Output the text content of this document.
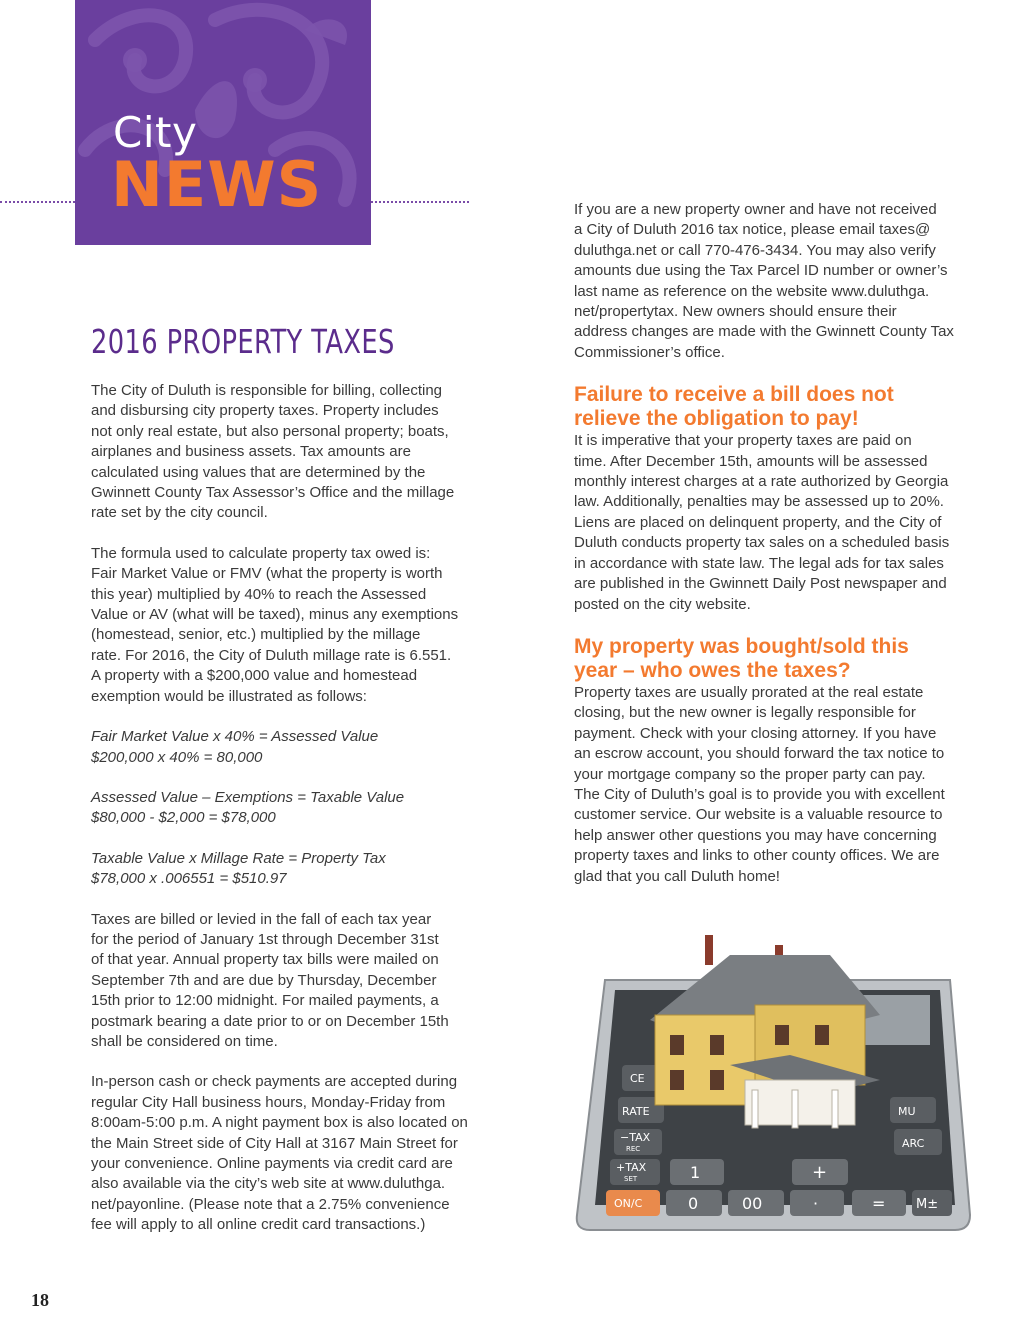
City
NEWS
2016 PROPERTY TAXES

The City of Duluth is responsible for billing, collecting
and disbursing city property taxes. Property includes
not only real estate, but also personal property; boats,
airplanes and business assets. Tax amounts are
calculated using values that are determined by the
Gwinnett County Tax Assessor’s Office and the millage
rate set by the city council.

The formula used to calculate property tax owed is:
Fair Market Value or FMV (what the property is worth
this year) multiplied by 40% to reach the Assessed
Value or AV (what will be taxed), minus any exemptions
(homestead, senior, etc.) multiplied by the millage
rate. For 2016, the City of Duluth millage rate is 6.551.
A property with a $200,000 value and homestead
exemption would be illustrated as follows:

Fair Market Value x 40% = Assessed Value
$200,000 x 40% = 80,000

Assessed Value – Exemptions = Taxable Value
$80,000 - $2,000 = $78,000

Taxable Value x Millage Rate = Property Tax
$78,000 x .006551 = $510.97

Taxes are billed or levied in the fall of each tax year
for the period of January 1st through December 31st
of that year. Annual property tax bills were mailed on
September 7th and are due by Thursday, December
15th prior to 12:00 midnight. For mailed payments, a
postmark bearing a date prior to or on December 15th
shall be considered on time.

In-person cash or check payments are accepted during
regular City Hall business hours, Monday-Friday from
8:00am-5:00 p.m. A night payment box is also located on
the Main Street side of City Hall at 3167 Main Street for
your convenience. Online payments via credit card are
also available via the city’s web site at www.duluthga.
net/payonline. (Please note that a 2.75% convenience
fee will apply to all online credit card transactions.)

If you are a new property owner and have not received
a City of Duluth 2016 tax notice, please email taxes@
duluthga.net or call 770-476-3434. You may also verify
amounts due using the Tax Parcel ID number or owner’s
last name as reference on the website www.duluthga.
net/propertytax. New owners should ensure their
address changes are made with the Gwinnett County Tax
Commissioner’s office.

Failure to receive a bill does not
relieve the obligation to pay!

It is imperative that your property taxes are paid on
time. After December 15th, amounts will be assessed
monthly interest charges at a rate authorized by Georgia
law. Additionally, penalties may be assessed up to 20%.
Liens are placed on delinquent property, and the City of
Duluth conducts property tax sales on a scheduled basis
in accordance with state law. The legal ads for tax sales
are published in the Gwinnett Daily Post newspaper and
posted on the city website.

My property was bought/sold this
year – who owes the taxes?

Property taxes are usually prorated at the real estate
closing, but the new owner is legally responsible for
payment. Check with your closing attorney. If you have
an escrow account, you should forward the tax notice to
your mortgage company so the proper party can pay.
The City of Duluth’s goal is to provide you with excellent
customer service. Our website is a valuable resource to
help answer other questions you may have concerning
property taxes and links to other county offices. We are
glad that you call Duluth home!

CE
RATE
−TAX
REC
+TAX
SET
ON/C
1
0	00	·
+
=
MU
ARC
M±
18
